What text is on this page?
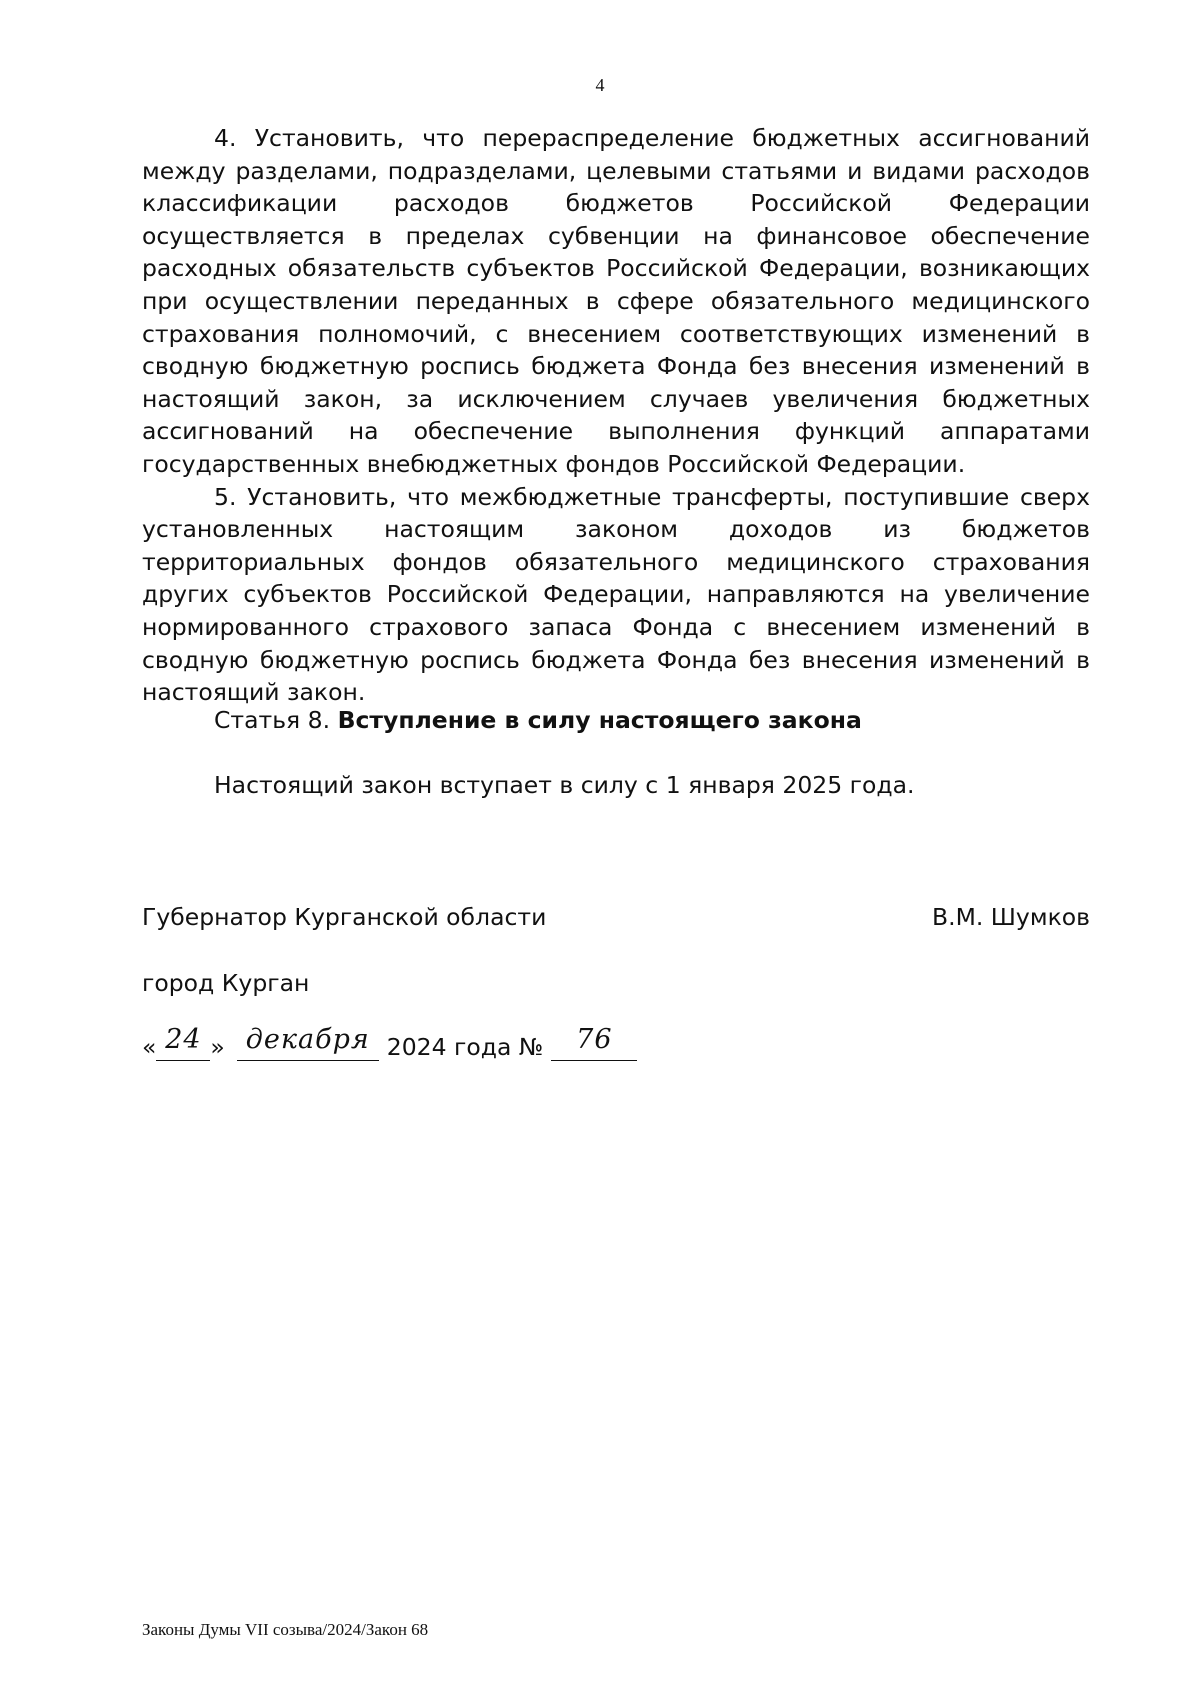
4

4. Установить, что перераспределение бюджетных ассигнований между разделами, подразделами, целевыми статьями и видами расходов классификации расходов бюджетов Российской Федерации осуществляется в пределах субвенции на финансовое обеспечение расходных обязательств субъектов Российской Федерации, возникающих при осуществлении переданных в сфере обязательного медицинского страхования полномочий, с внесением соответствующих изменений в сводную бюджетную роспись бюджета Фонда без внесения изменений в настоящий закон, за исключением случаев увеличения бюджетных ассигнований на обеспечение выполнения функций аппаратами государственных внебюджетных фондов Российской Федерации.

5. Установить, что межбюджетные трансферты, поступившие сверх установленных настоящим законом доходов из бюджетов территориальных фондов обязательного медицинского страхования других субъектов Российской Федерации, направляются на увеличение нормированного страхового запаса Фонда с внесением изменений в сводную бюджетную роспись бюджета Фонда без внесения изменений в настоящий закон.

Статья 8. Вступление в силу настоящего закона
Настоящий закон вступает в силу с 1 января 2025 года.
Губернатор Курганской области	В.М. Шумков
город Курган
« 24 » декабря 2024 года №	76
Законы Думы VII созыва/2024/Закон 68
